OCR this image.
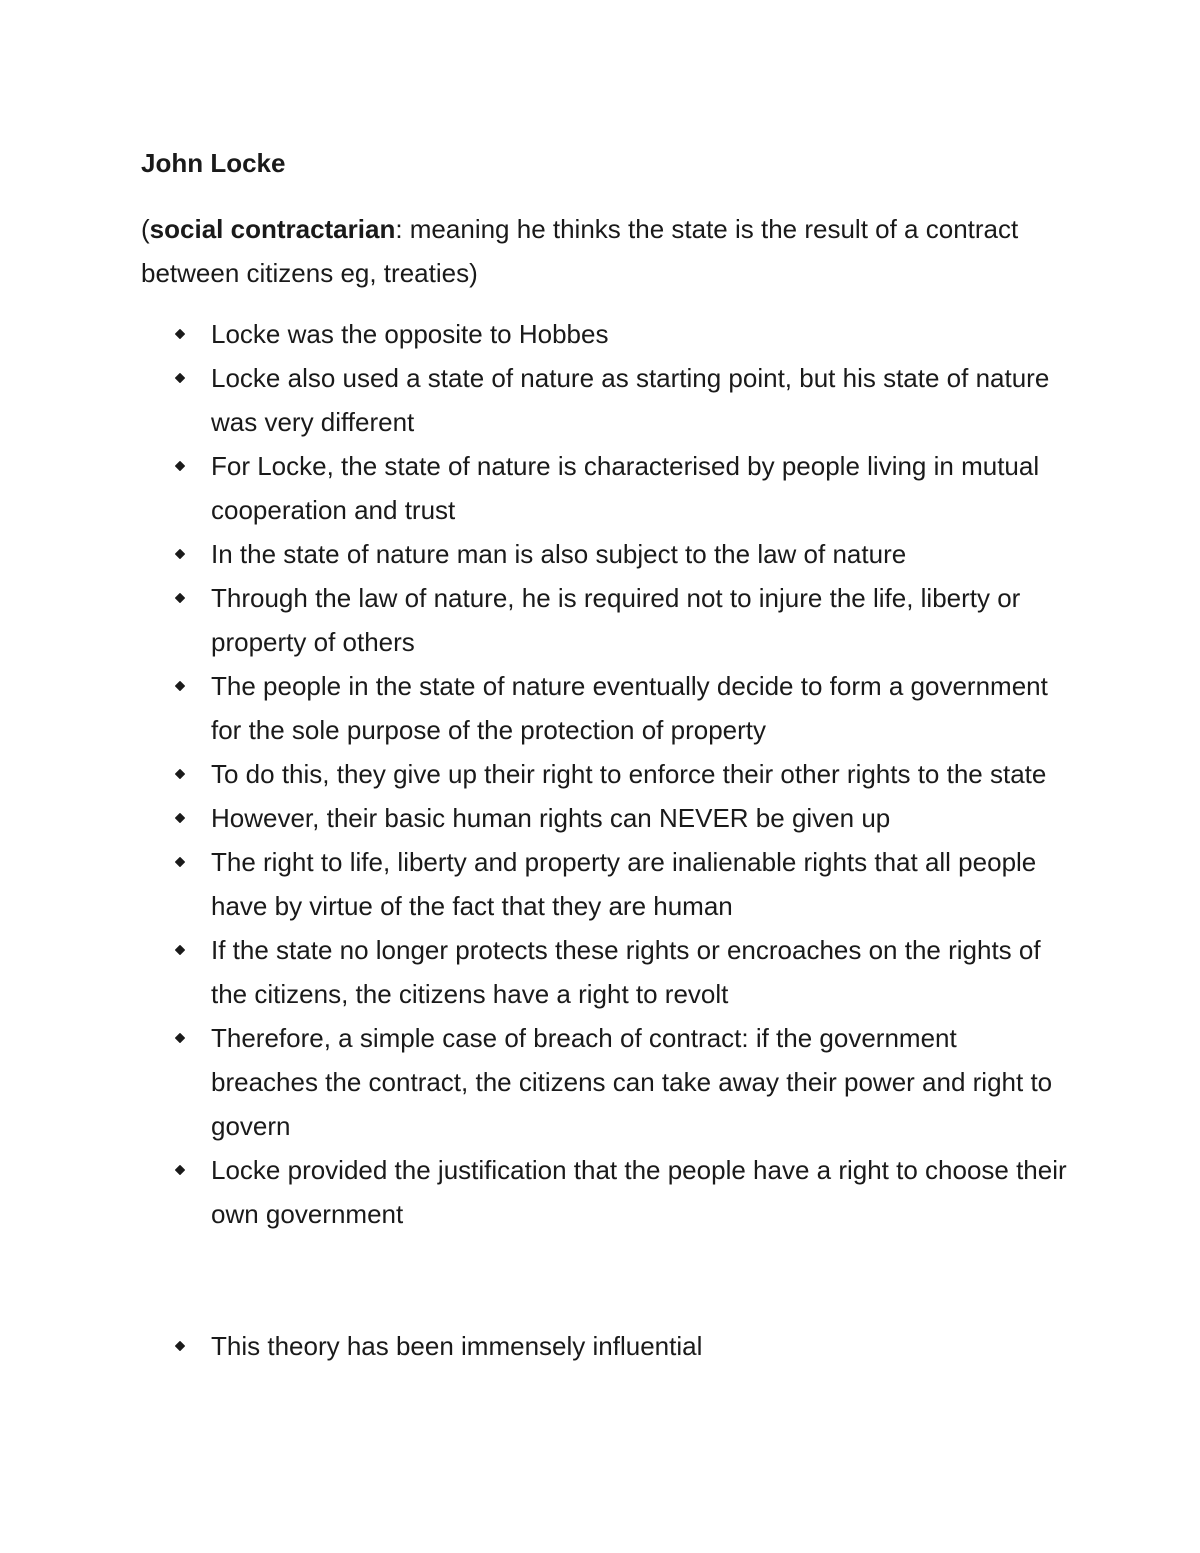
John Locke

(social contractarian: meaning he thinks the state is the result of a contract between citizens eg, treaties)

Locke was the opposite to Hobbes
Locke also used a state of nature as starting point, but his state of nature was very different
For Locke, the state of nature is characterised by people living in mutual cooperation and trust
In the state of nature man is also subject to the law of nature
Through the law of nature, he is required not to injure the life, liberty or property of others
The people in the state of nature eventually decide to form a government for the sole purpose of the protection of property
To do this, they give up their right to enforce their other rights to the state
However, their basic human rights can NEVER be given up
The right to life, liberty and property are inalienable rights that all people have by virtue of the fact that they are human
If the state no longer protects these rights or encroaches on the rights of the citizens, the citizens have a right to revolt
Therefore, a simple case of breach of contract: if the government breaches the contract, the citizens can take away their power and right to govern
Locke provided the justification that the people have a right to choose their own government
This theory has been immensely influential
